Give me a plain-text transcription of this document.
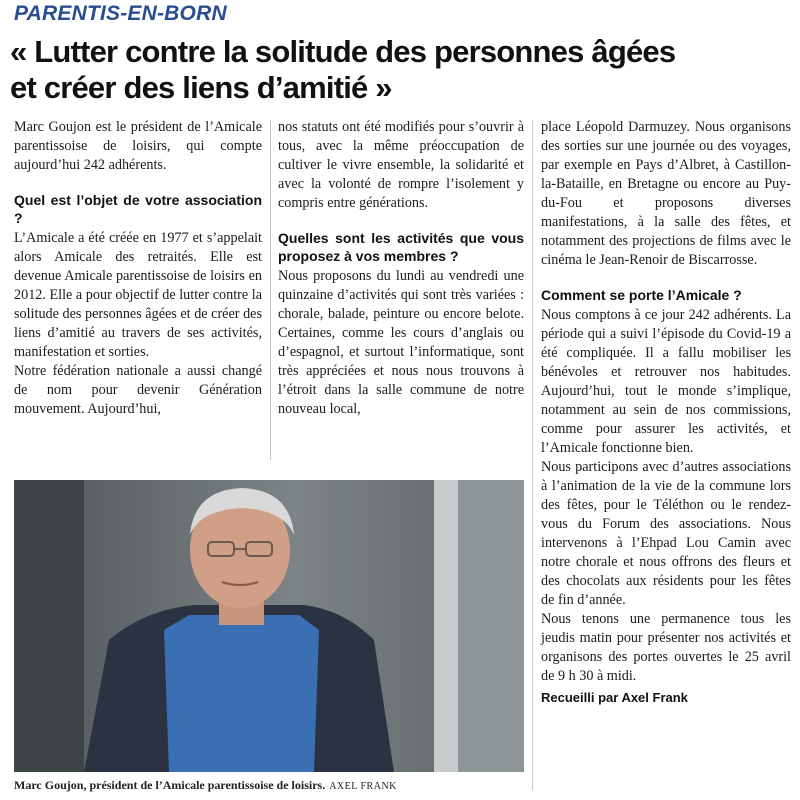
PARENTIS-EN-BORN
« Lutter contre la solitude des personnes âgées et créer des liens d’amitié »

Marc Goujon est le président de l’Amicale parentissoise de loisirs, qui compte aujourd’hui 242 adhérents.

Quel est l’objet de votre association ?

L’Amicale a été créée en 1977 et s’appelait alors Amicale des retraités. Elle est devenue Amicale parentissoise de loisirs en 2012. Elle a pour objectif de lutter contre la solitude des personnes âgées et de créer des liens d’amitié au travers de ses activités, manifestation et sorties.

Notre fédération nationale a aussi changé de nom pour devenir Génération mouvement. Aujourd’hui,

nos statuts ont été modifiés pour s’ouvrir à tous, avec la même préoccupation de cultiver le vivre ensemble, la solidarité et avec la volonté de rompre l’isolement y compris entre générations.

Quelles sont les activités que vous proposez à vos membres ?

Nous proposons du lundi au vendredi une quinzaine d’activités qui sont très variées : chorale, balade, peinture ou encore belote. Certaines, comme les cours d’anglais ou d’espagnol, et surtout l’informatique, sont très appréciées et nous nous trouvons à l’étroit dans la salle commune de notre nouveau local,

place Léopold Darmuzey. Nous organisons des sorties sur une journée ou des voyages, par exemple en Pays d’Albret, à Castillon-la-Bataille, en Bretagne ou encore au Puy-du-Fou et proposons diverses manifestations, à la salle des fêtes, et notamment des projections de films avec le cinéma le Jean-Renoir de Biscarrosse.

Comment se porte l’Amicale ?

Nous comptons à ce jour 242 adhérents. La période qui a suivi l’épisode du Covid-19 a été compliquée. Il a fallu mobiliser les bénévoles et retrouver nos habitudes. Aujourd’hui, tout le monde s’implique, notamment au sein de nos commissions, comme pour assurer les activités, et l’Amicale fonctionne bien.

Nous participons avec d’autres associations à l’animation de la vie de la commune lors des fêtes, pour le Téléthon ou le rendez-vous du Forum des associations. Nous intervenons à l’Ehpad Lou Camin avec notre chorale et nous offrons des fleurs et des chocolats aux résidents pour les fêtes de fin d’année.

Nous tenons une permanence tous les jeudis matin pour présenter nos activités et organisons des portes ouvertes le 25 avril de 9 h 30 à midi.

Recueilli par Axel Frank

Marc Goujon, président de l’Amicale parentissoise de loisirs. AXEL FRANK
